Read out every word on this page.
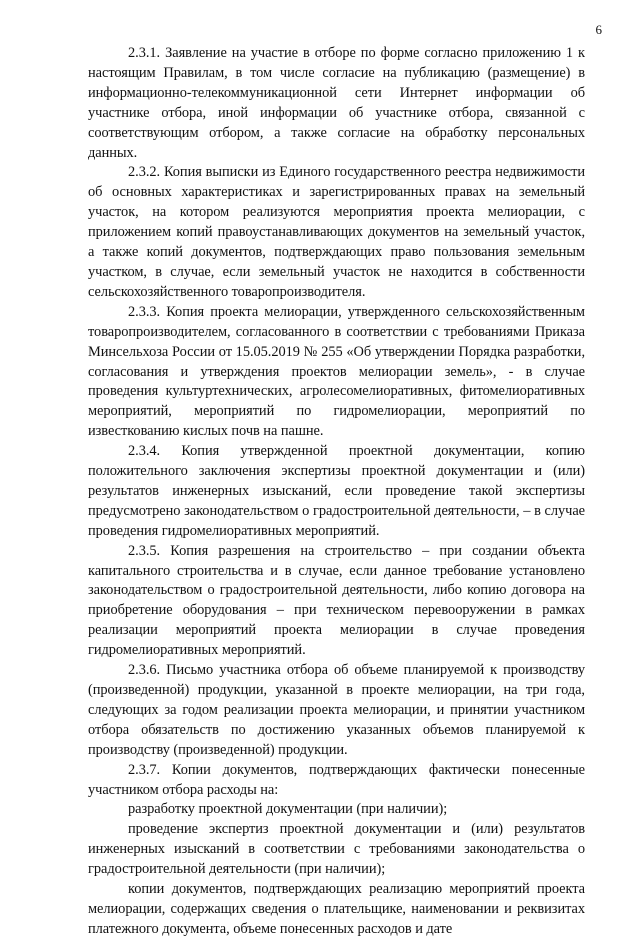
6

2.3.1. Заявление на участие в отборе по форме согласно приложению 1 к настоящим Правилам, в том числе согласие на публикацию (размещение) в информационно-телекоммуникационной сети Интернет информации об участнике отбора, иной информации об участнике отбора, связанной с соответствующим отбором, а также согласие на обработку персональных данных.

2.3.2. Копия выписки из Единого государственного реестра недвижимости об основных характеристиках и зарегистрированных правах на земельный участок, на котором реализуются мероприятия проекта мелиорации, с приложением копий правоустанавливающих документов на земельный участок, а также копий документов, подтверждающих право пользования земельным участком, в случае, если земельный участок не находится в собственности сельскохозяйственного товаропроизводителя.

2.3.3. Копия проекта мелиорации, утвержденного сельскохозяйственным товаропроизводителем, согласованного в соответствии с требованиями Приказа Минсельхоза России от 15.05.2019 № 255 «Об утверждении Порядка разработки, согласования и утверждения проектов мелиорации земель», - в случае проведения культуртехнических, агролесомелиоративных, фитомелиоративных мероприятий, мероприятий по гидромелиорации, мероприятий по известкованию кислых почв на пашне.

2.3.4. Копия утвержденной проектной документации, копию положительного заключения экспертизы проектной документации и (или) результатов инженерных изысканий, если проведение такой экспертизы предусмотрено законодательством о градостроительной деятельности, – в случае проведения гидромелиоративных мероприятий.

2.3.5. Копия разрешения на строительство – при создании объекта капитального строительства и в случае, если данное требование установлено законодательством о градостроительной деятельности, либо копию договора на приобретение оборудования – при техническом перевооружении в рамках реализации мероприятий проекта мелиорации в случае проведения гидромелиоративных мероприятий.

2.3.6. Письмо участника отбора об объеме планируемой к производству (произведенной) продукции, указанной в проекте мелиорации, на три года, следующих за годом реализации проекта мелиорации, и принятии участником отбора обязательств по достижению указанных объемов планируемой к производству (произведенной) продукции.

2.3.7. Копии документов, подтверждающих фактически понесенные участником отбора расходы на:

разработку проектной документации (при наличии);

проведение экспертиз проектной документации и (или) результатов инженерных изысканий в соответствии с требованиями законодательства о градостроительной деятельности (при наличии);

копии документов, подтверждающих реализацию мероприятий проекта мелиорации, содержащих сведения о плательщике, наименовании и реквизитах платежного документа, объеме понесенных расходов и дате
